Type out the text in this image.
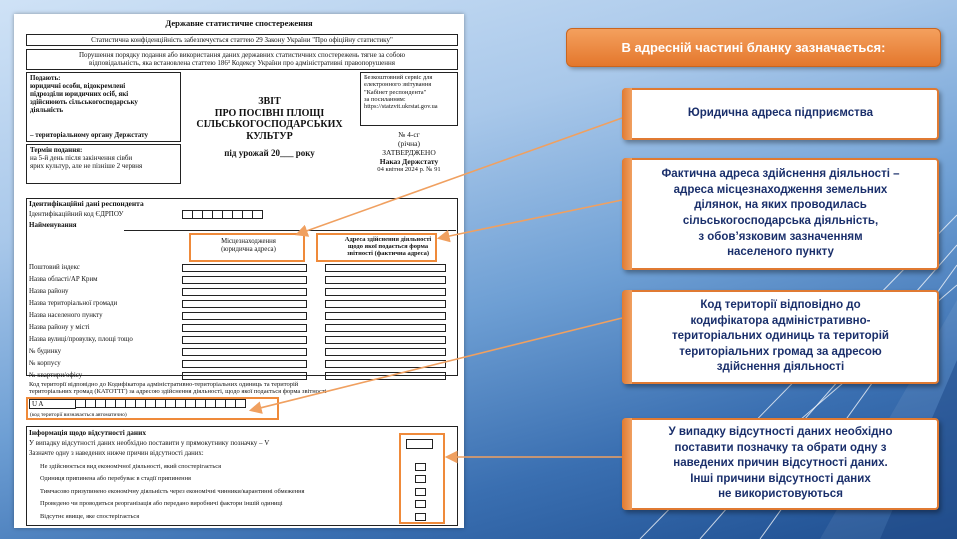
Державне статистичне спостереження
Статистична конфіденційність забезпечується статтею 29 Закону України "Про офіційну статистику"
Порушення порядку подання або використання даних державних статистичних спостережень тягне за собою
відповідальність, яка встановлена статтею 186³ Кодексу України про адміністративні правопорушення
Подають:
юридичні особи, відокремлені
підрозділи юридичних осіб, які
здійснюють сільськогосподарську
діяльність
– територіальному органу Держстату
Термін подання:
на 5-й день після закінчення сівби
ярих культур, але не пізніше 2 червня
ЗВІТ
ПРО ПОСІВНІ ПЛОЩІ
СІЛЬСЬКОГОСПОДАРСЬКИХ
КУЛЬТУР
під урожай 20___ року
Безкоштовний сервіс для
електронного звітування
"Кабінет респондента"
за посиланням:
https://statzvit.ukrstat.gov.ua
№ 4-сг
(річна)
ЗАТВЕРДЖЕНО
Наказ Держстату
04 квітня 2024 р. № 91
Ідентифікаційні дані респондента
Ідентифікаційний код ЄДРПОУ
Найменування
Місцезнаходження
(юридична адреса)
Адреса здійснення діяльності
щодо якої подається форма
звітності (фактична адреса)
Поштовий індекс
Назва області/АР Крим
Назва району
Назва територіальної громади
Назва населеного пункту
Назва району у місті
Назва вулиці/провулку, площі тощо
№ будинку
№ корпусу
№ квартири/офісу
Код території відповідно до Кодифікатора адміністративно-територіальних одиниць та територій
територіальних громад (КАТОТТГ) за адресою здійснення діяльності, щодо якої подається форма звітності
U A
(код території визначається автоматично)
Інформація щодо відсутності даних
У випадку відсутності даних необхідно поставити у прямокутнику позначку – V
Зазначте одну з наведених нижче причин відсутності даних:
Не здійснюється вид економічної діяльності, який спостерігається
Одиниця припинена або перебуває в стадії припинення
Тимчасово призупинено економічну діяльність через економічні чинники/карантинні обмеження
Проведено чи проводиться реорганізація або передано виробничі фактори іншій одиниці
Відсутнє явище, яке спостерігається
В адресній частині бланку зазначається:
Юридична адреса підприємства
Фактична адреса здійснення діяльності –
адреса місцезнаходження земельних
ділянок, на яких проводилась
сільськогосподарська діяльність,
з обов’язковим зазначенням
населеного пункту
Код території відповідно до
кодифікатора адміністративно-
територіальних одиниць та територій
територіальних громад за адресою
здійснення діяльності
У випадку відсутності даних необхідно
поставити позначку та обрати одну з
наведених причин відсутності даних.
Інші причини відсутності даних
не використовуються
